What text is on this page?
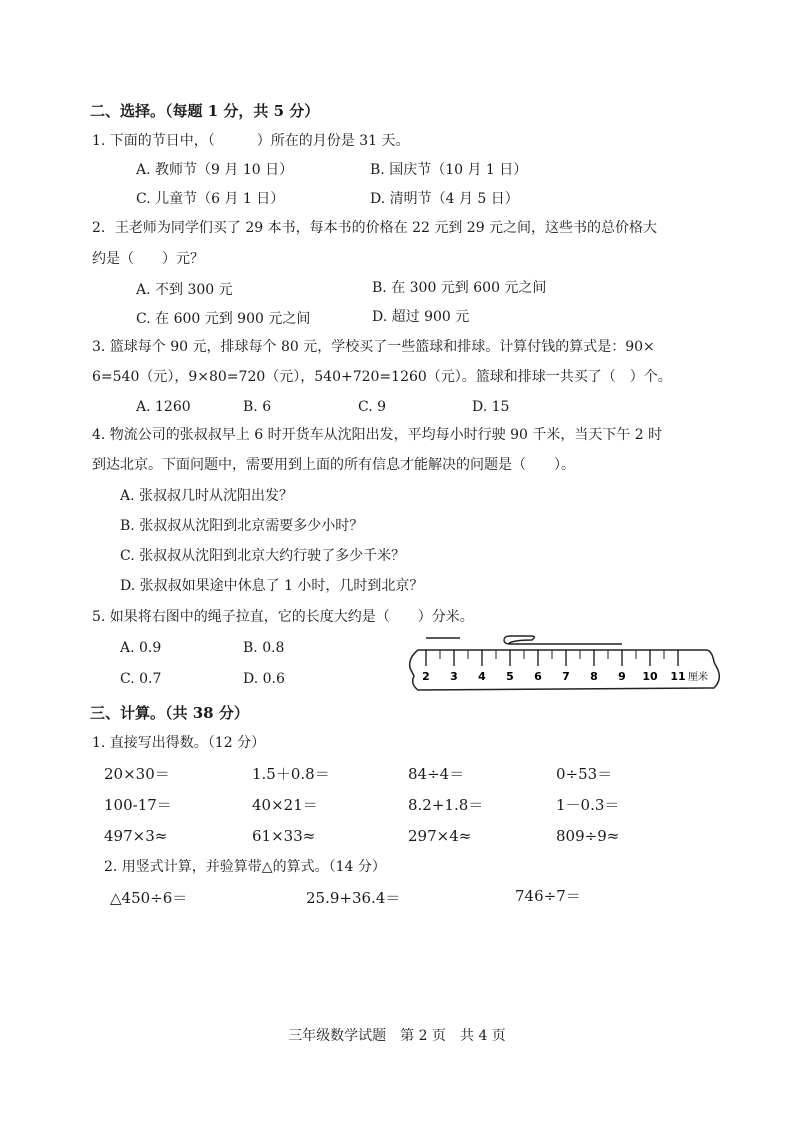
二、选择。（每题 1 分，共 5 分）
1. 下面的节日中，（　　　）所在的月份是 31 天。
A. 教师节（9 月 10 日）	B. 国庆节（10 月 1 日）
C. 儿童节（6 月 1 日）	D. 清明节（4 月 5 日）
2．王老师为同学们买了 29 本书，每本书的价格在 22 元到 29 元之间，这些书的总价格大
约是（　　）元？
A. 不到 300 元	B. 在 300 元到 600 元之间
C. 在 600 元到 900 元之间	D. 超过 900 元
3. 篮球每个 90 元，排球每个 80 元，学校买了一些篮球和排球。计算付钱的算式是：90×
6=540（元），9×80=720（元），540+720=1260（元）。篮球和排球一共买了（　）个。
A. 1260	B. 6	C. 9	D. 15
4. 物流公司的张叔叔早上 6 时开货车从沈阳出发，平均每小时行驶 90 千米，当天下午 2 时
到达北京。下面问题中，需要用到上面的所有信息才能解决的问题是（　　）。
A. 张叔叔几时从沈阳出发？
B. 张叔叔从沈阳到北京需要多少小时？
C. 张叔叔从沈阳到北京大约行驶了多少千米？
D. 张叔叔如果途中休息了 1 小时，几时到北京？
5. 如果将右图中的绳子拉直，它的长度大约是（　　）分米。
A. 0.9	B. 0.8
C. 0.7	D. 0.6	2 3 4 5 6 7 8 9 10 11 厘米
三、计算。（共 38 分）
1. 直接写出得数。（12 分）
20×30＝	1.5＋0.8＝	84÷4＝	0÷53＝
100-17＝	40×21＝	8.2+1.8＝	1－0.3＝
497×3≈	61×33≈	297×4≈	809÷9≈
2. 用竖式计算，并验算带△的算式。（14 分）
△450÷6＝	25.9+36.4＝	746÷7＝
三年级数学试题　第 2 页　共 4 页
